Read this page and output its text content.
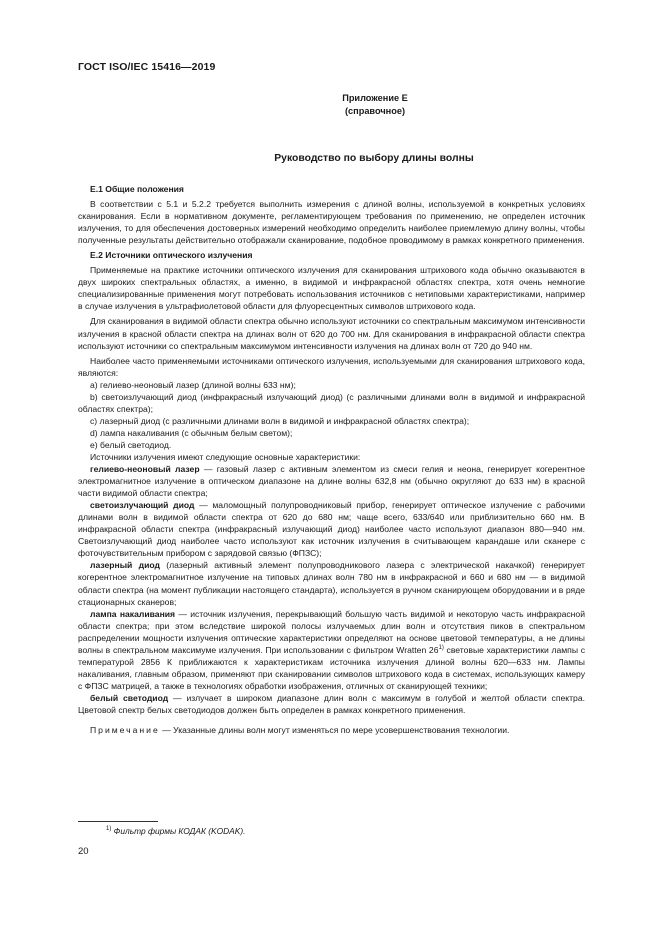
ГОСТ ISO/IEC 15416—2019
Приложение Е
(справочное)
Руководство по выбору длины волны

Е.1 Общие положения

В соответствии с 5.1 и 5.2.2 требуется выполнить измерения с длиной волны, используемой в конкретных условиях сканирования. Если в нормативном документе, регламентирующем требования по применению, не определен источник излучения, то для обеспечения достоверных измерений необходимо определить наиболее приемлемую длину волны, чтобы полученные результаты действительно отображали сканирование, подобное проводимому в рамках конкретного применения.

Е.2 Источники оптического излучения

Применяемые на практике источники оптического излучения для сканирования штрихового кода обычно оказываются в двух широких спектральных областях, а именно, в видимой и инфракрасной областях спектра, хотя очень немногие специализированные применения могут потребовать использования источников с нетиповыми характеристиками, например в случае излучения в ультрафиолетовой области для флуоресцентных символов штрихового кода.

Для сканирования в видимой области спектра обычно используют источники со спектральным максимумом интенсивности излучения в красной области спектра на длинах волн от 620 до 700 нм. Для сканирования в инфракрасной области спектра используют источники со спектральным максимумом интенсивности излучения на длинах волн от 720 до 940 нм.

Наиболее часто применяемыми источниками оптического излучения, используемыми для сканирования штрихового кода, являются:

a) гелиево-неоновый лазер (длиной волны 633 нм);

b) светоизлучающий диод (инфракрасный излучающий диод) (с различными длинами волн в видимой и инфракрасной областях спектра);

c) лазерный диод (с различными длинами волн в видимой и инфракрасной областях спектра);

d) лампа накаливания (с обычным белым светом);

e) белый светодиод.

Источники излучения имеют следующие основные характеристики:

гелиево-неоновый лазер — газовый лазер с активным элементом из смеси гелия и неона, генерирует когерентное электромагнитное излучение в оптическом диапазоне на длине волны 632,8 нм (обычно округляют до 633 нм) в красной части видимой области спектра;

светоизлучающий диод — маломощный полупроводниковый прибор, генерирует оптическое излучение с рабочими длинами волн в видимой области спектра от 620 до 680 нм; чаще всего, 633/640 или приблизительно 660 нм. В инфракрасной области спектра (инфракрасный излучающий диод) наиболее часто используют диапазон 880—940 нм. Светоизлучающий диод наиболее часто используют как источник излучения в считывающем карандаше или сканере с фоточувствительным прибором с зарядовой связью (ФПЗС);

лазерный диод (лазерный активный элемент полупроводникового лазера с электрической накачкой) генерирует когерентное электромагнитное излучение на типовых длинах волн 780 нм в инфракрасной и 660 и 680 нм — в видимой области спектра (на момент публикации настоящего стандарта), используется в ручном сканирующем оборудовании и в ряде стационарных сканеров;

лампа накаливания — источник излучения, перекрывающий большую часть видимой и некоторую часть инфракрасной области спектра; при этом вследствие широкой полосы излучаемых длин волн и отсутствия пиков в спектральном распределении мощности излучения оптические характеристики определяют на основе цветовой температуры, а не длины волны в спектральном максимуме излучения. При использовании с фильтром Wratten 26$^{1)}$ световые характеристики лампы с температурой 2856 К приближаются к характеристикам источника излучения длиной волны 620—633 нм. Лампы накаливания, главным образом, применяют при сканировании символов штрихового кода в системах, использующих камеру с ФПЗС матрицей, а также в технологиях обработки изображения, отличных от сканирующей техники;

белый светодиод — излучает в широком диапазоне длин волн с максимум в голубой и желтой области спектра. Цветовой спектр белых светодиодов должен быть определен в рамках конкретного применения.

Примечание — Указанные длины волн могут изменяться по мере усовершенствования технологии.

$^{1)}$ Фильтр фирмы КОДАК (KODAK).
20
